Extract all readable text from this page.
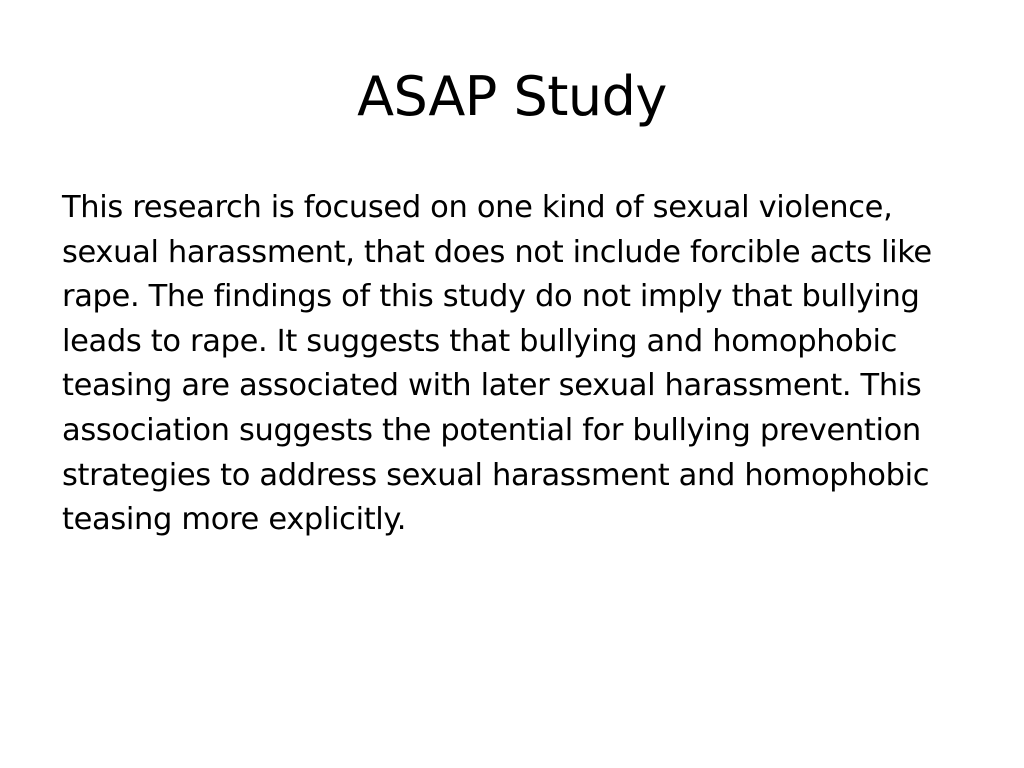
ASAP Study

This research is focused on one kind of sexual violence, sexual harassment, that does not include forcible acts like rape. The findings of this study do not imply that bullying leads to rape. It suggests that bullying and homophobic teasing are associated with later sexual harassment. This association suggests the potential for bullying prevention strategies to address sexual harassment and homophobic teasing more explicitly.
